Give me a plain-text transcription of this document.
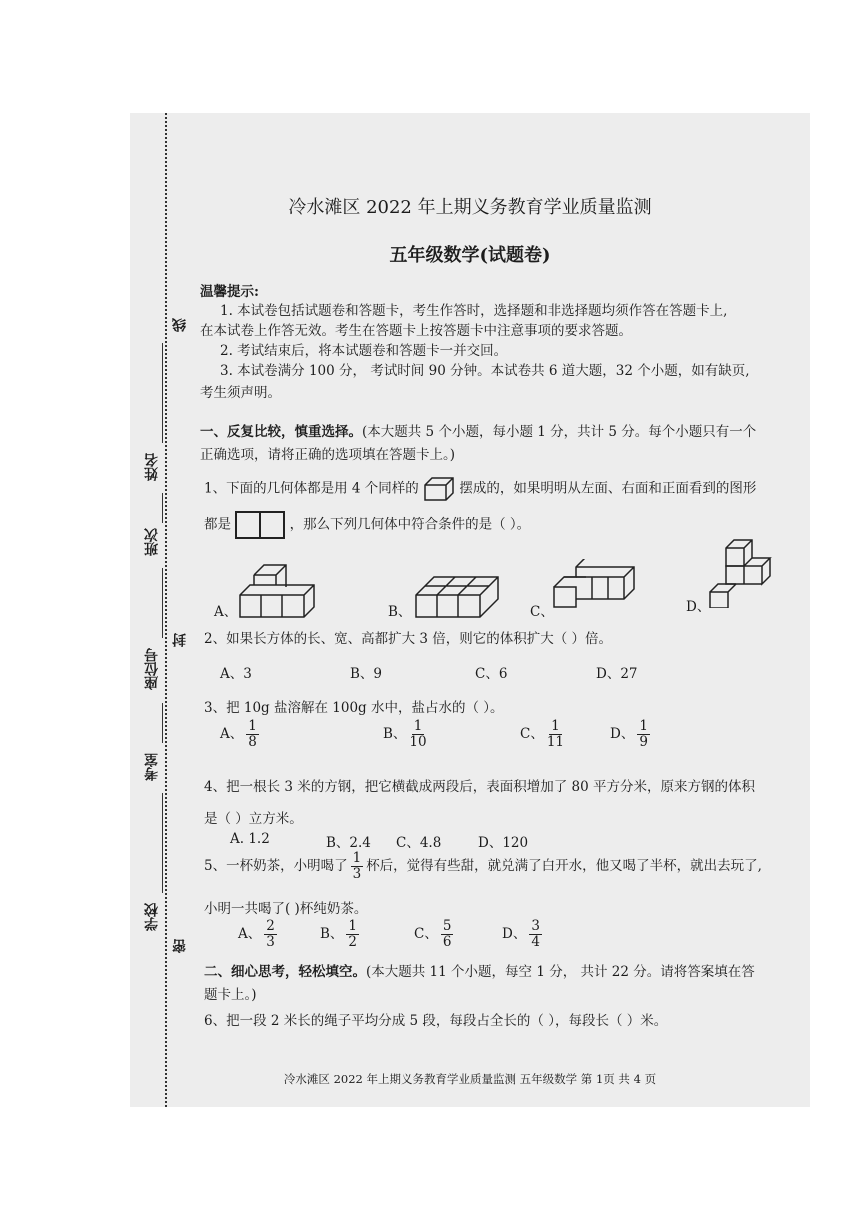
线
封
密
姓名
班次
座位号
考室
学校
冷水滩区 2022 年上期义务教育学业质量监测
五年级数学(试题卷)
温馨提示:
1. 本试卷包括试题卷和答题卡，考生作答时，选择题和非选择题均须作答在答题卡上,
在本试卷上作答无效。考生在答题卡上按答题卡中注意事项的要求答题。
2. 考试结束后，将本试题卷和答题卡一并交回。
3. 本试卷满分 100 分， 考试时间 90 分钟。本试卷共 6 道大题，32 个小题，如有缺页,
考生须声明。
一、反复比较，慎重选择。(本大题共 5 个小题，每小题 1 分，共计 5 分。每个小题只有一个
正确选项，请将正确的选项填在答题卡上。)
1、下面的几何体都是用 4 个同样的	摆成的，如果明明从左面、右面和正面看到的图形
都是	，那么下列几何体中符合条件的是（ ）。
A、	B、	C、	D、
2、如果长方体的长、宽、高都扩大 3 倍，则它的体积扩大（ ）倍。
A、3	B、9	C、6	D、27
3、把 10g 盐溶解在 100g 水中，盐占水的（ ）。
A、 $\frac{1}{8}$	B、 $\frac{1}{10}$	C、 $\frac{1}{11}$	D、 $\frac{1}{9}$
4、把一根长 3 米的方钢，把它横截成两段后，表面积增加了 80 平方分米，原来方钢的体积
是（ ）立方米。
A. 1.2	B、2.4 C、4.8	D、120
5、一杯奶茶，小明喝了 $\frac{1}{3}$ 杯后，觉得有些甜，就兑满了白开水，他又喝了半杯，就出去玩了,
小明一共喝了( )杯纯奶茶。
A、 $\frac{2}{3}$	B、 $\frac{1}{2}$	C、 $\frac{5}{6}$	D、 $\frac{3}{4}$
二、细心思考，轻松填空。(本大题共 11 个小题，每空 1 分， 共计 22 分。请将答案填在答
题卡上。)
6、把一段 2 米长的绳子平均分成 5 段，每段占全长的（ ），每段长（ ）米。
冷水滩区 2022 年上期义务教育学业质量监测 五年级数学 第 1页 共 4 页
